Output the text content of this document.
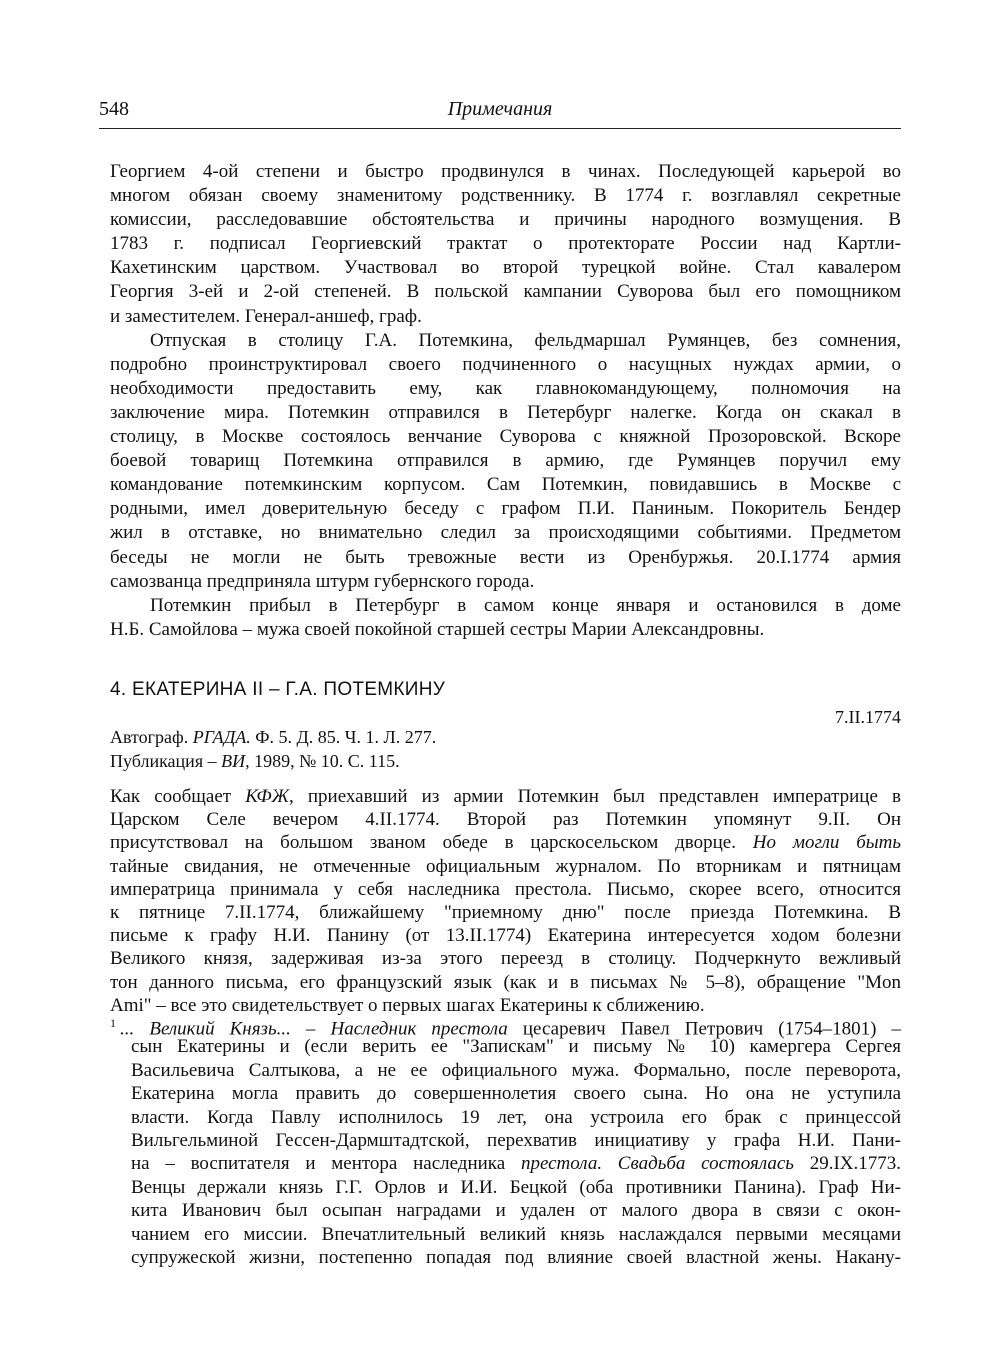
548	Примечания
Георгием 4-ой степени и быстро продвинулся в чинах. Последующей карьерой во
многом обязан своему знаменитому родственнику. В 1774 г. возглавлял секретные
комиссии, расследовавшие обстоятельства и причины народного возмущения. В
1783 г. подписал Георгиевский трактат о протекторате России над Картли-
Кахетинским царством. Участвовал во второй турецкой войне. Стал кавалером
Георгия 3-ей и 2-ой степеней. В польской кампании Суворова был его помощником
и заместителем. Генерал-аншеф, граф.
Отпуская в столицу Г.А. Потемкина, фельдмаршал Румянцев, без сомнения,
подробно проинструктировал своего подчиненного о насущных нуждах армии, о
необходимости предоставить ему, как главнокомандующему, полномочия на
заключение мира. Потемкин отправился в Петербург налегке. Когда он скакал в
столицу, в Москве состоялось венчание Суворова с княжной Прозоровской. Вскоре
боевой товарищ Потемкина отправился в армию, где Румянцев поручил ему
командование потемкинским корпусом. Сам Потемкин, повидавшись в Москве с
родными, имел доверительную беседу с графом П.И. Паниным. Покоритель Бендер
жил в отставке, но внимательно следил за происходящими событиями. Предметом
беседы не могли не быть тревожные вести из Оренбуржья. 20.I.1774 армия
самозванца предприняла штурм губернского города.
Потемкин прибыл в Петербург в самом конце января и остановился в доме
Н.Б. Самойлова – мужа своей покойной старшей сестры Марии Александровны.
4. ЕКАТЕРИНА II – Г.А. ПОТЕМКИНУ
7.II.1774
Автограф. РГАДА. Ф. 5. Д. 85. Ч. 1. Л. 277.
Публикация – ВИ, 1989, № 10. С. 115.
Как сообщает КФЖ, приехавший из армии Потемкин был представлен императрице в
Царском Селе вечером 4.II.1774. Второй раз Потемкин упомянут 9.II. Он
присутствовал на большом званом обеде в царскосельском дворце. Но могли быть
тайные свидания, не отмеченные официальным журналом. По вторникам и пятницам
императрица принимала у себя наследника престола. Письмо, скорее всего, относится
к пятнице 7.II.1774, ближайшему "приемному дню" после приезда Потемкина. В
письме к графу Н.И. Панину (от 13.II.1774) Екатерина интересуется ходом болезни
Великого князя, задерживая из-за этого переезд в столицу. Подчеркнуто вежливый
тон данного письма, его французский язык (как и в письмах № 5–8), обращение "Mon
Ami" – все это свидетельствует о первых шагах Екатерины к сближению.
$^1$ ... Великий Князь... – Наследник престола цесаревич Павел Петрович (1754–1801) –
сын Екатерины и (если верить ее "Запискам" и письму № 10) камергера Сергея
Васильевича Салтыкова, а не ее официального мужа. Формально, после переворота,
Екатерина могла править до совершеннолетия своего сына. Но она не уступила
власти. Когда Павлу исполнилось 19 лет, она устроила его брак с принцессой
Вильгельминой Гессен-Дармштадтской, перехватив инициативу у графа Н.И. Пани-
на – воспитателя и ментора наследника престола. Свадьба состоялась 29.IX.1773.
Венцы держали князь Г.Г. Орлов и И.И. Бецкой (оба противники Панина). Граф Ни-
кита Иванович был осыпан наградами и удален от малого двора в связи с окон-
чанием его миссии. Впечатлительный великий князь наслаждался первыми месяцами
супружеской жизни, постепенно попадая под влияние своей властной жены. Накану-
